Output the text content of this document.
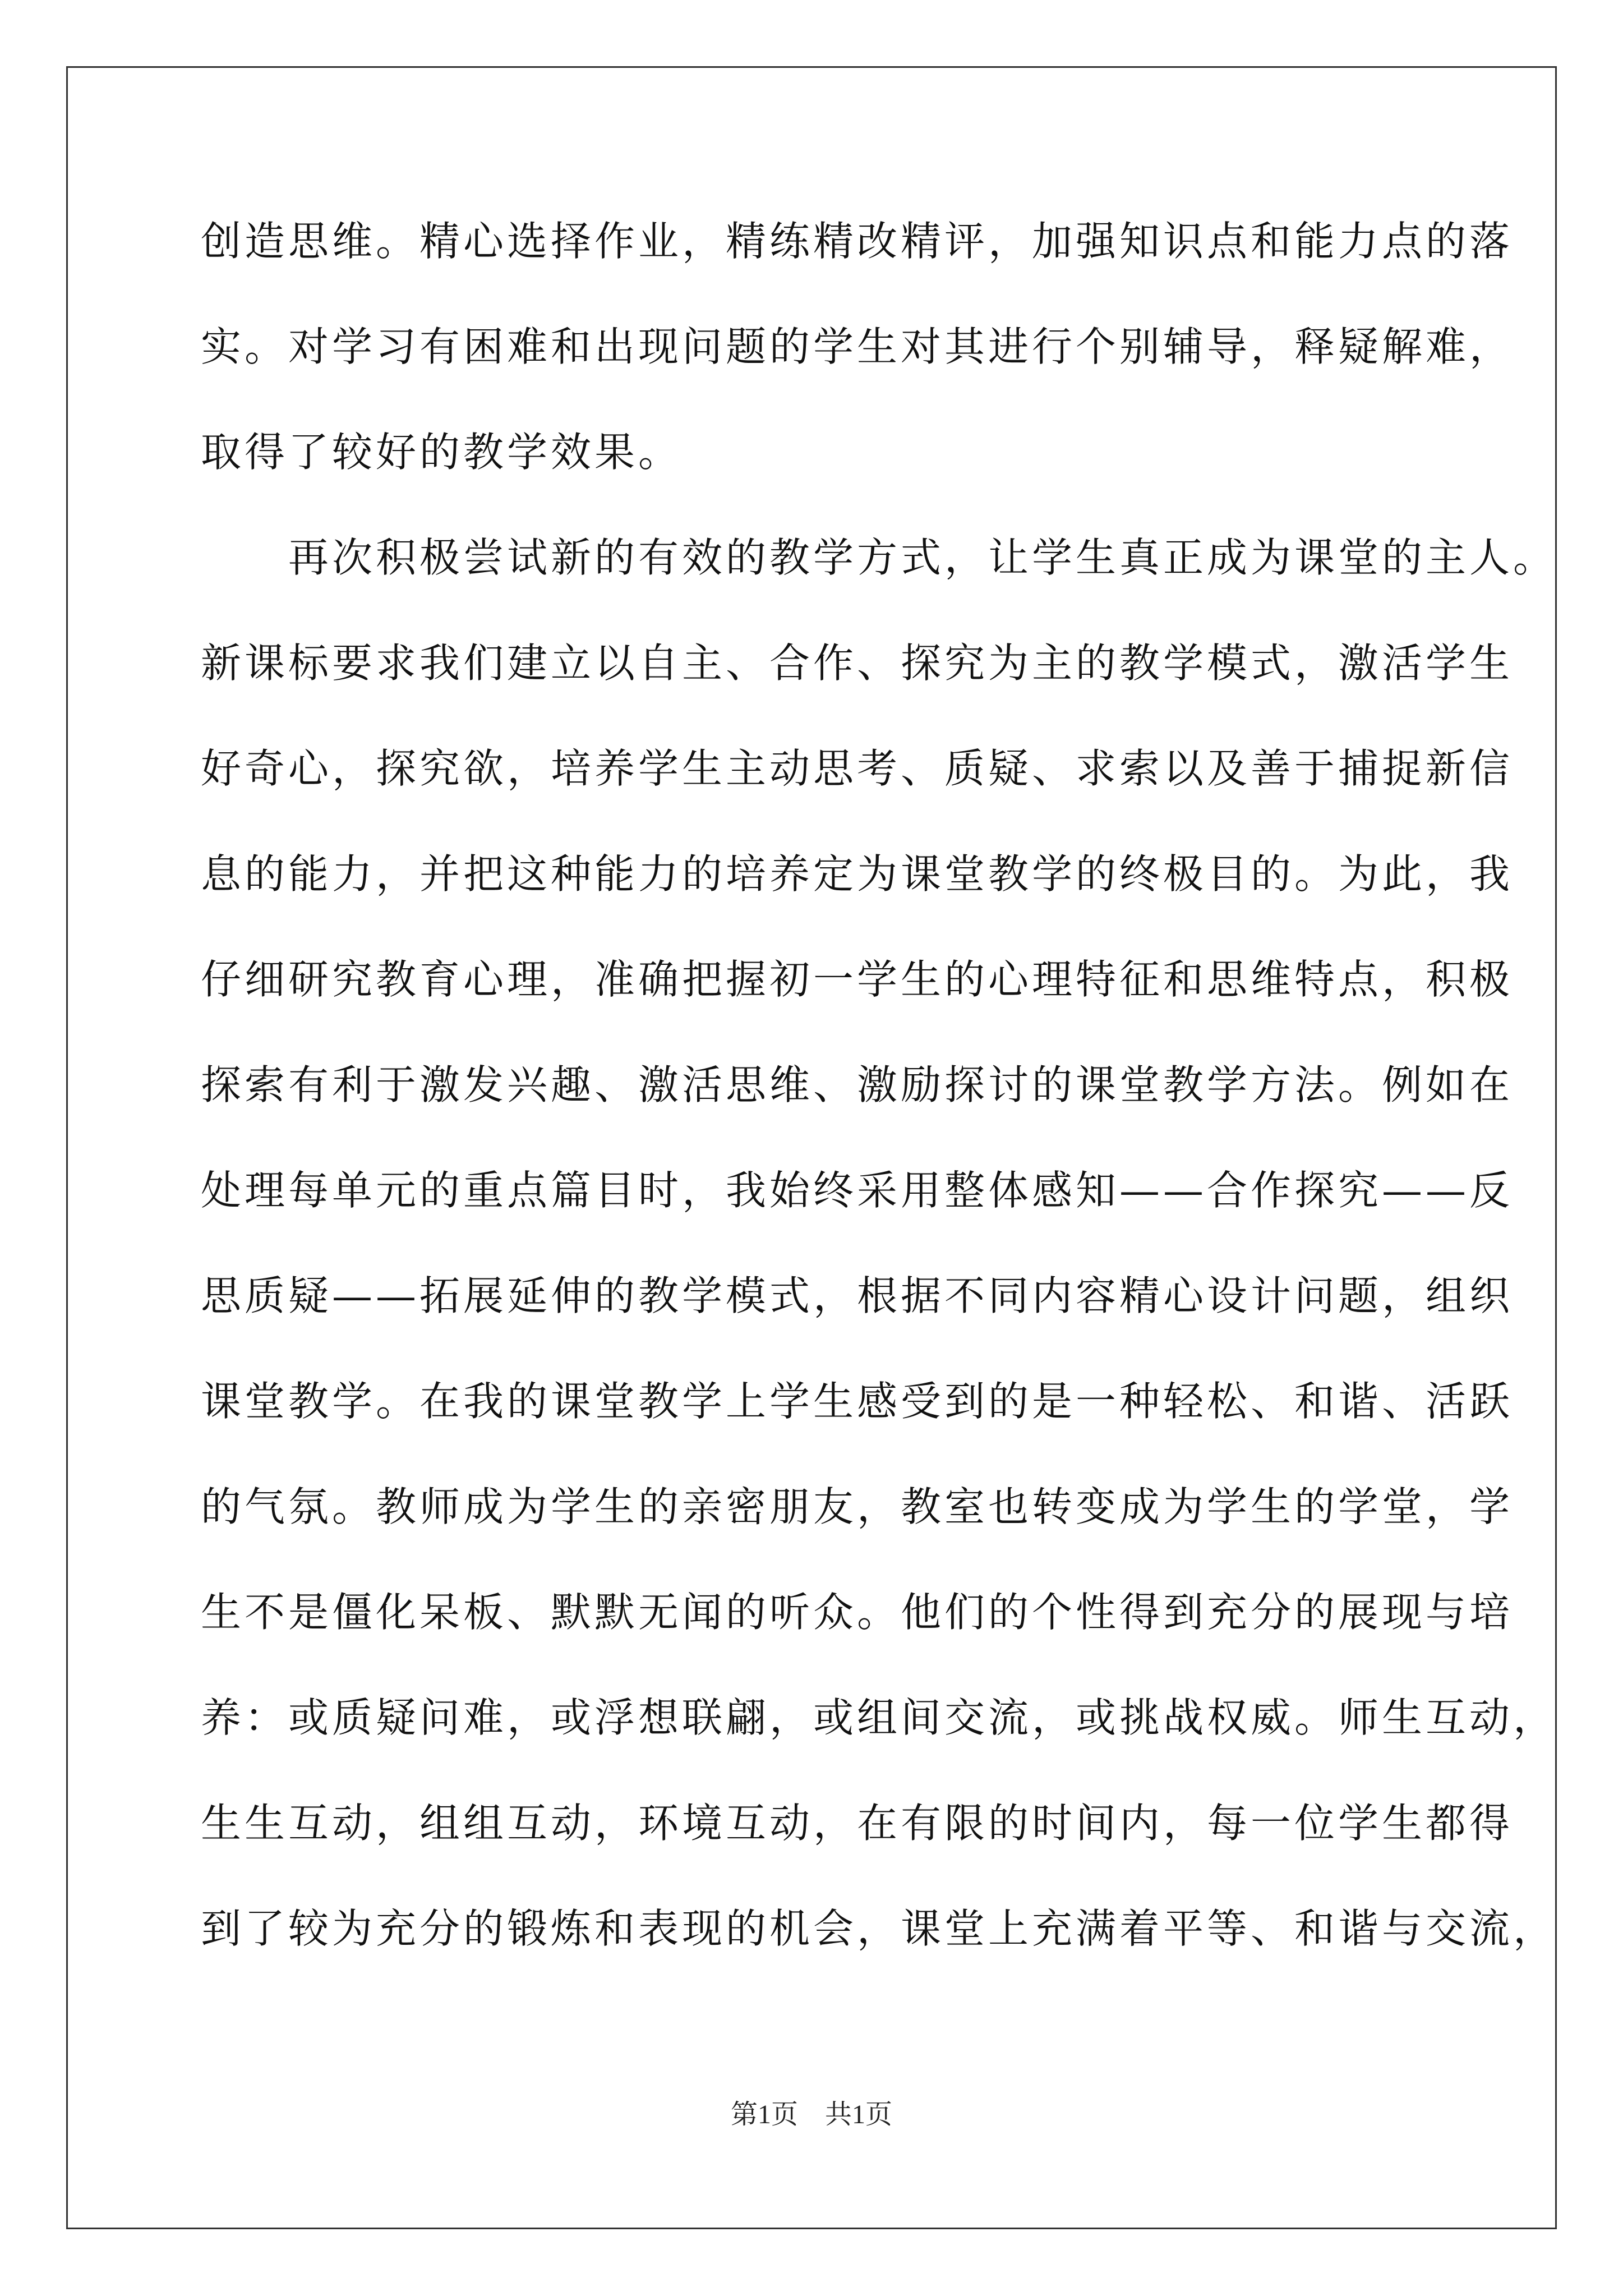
创造思维。精心选择作业，精练精改精评，加强知识点和能力点的落
实。对学习有困难和出现问题的学生对其进行个别辅导，释疑解难，
取得了较好的教学效果。
　　再次积极尝试新的有效的教学方式，让学生真正成为课堂的主人。
新课标要求我们建立以自主、合作、探究为主的教学模式，激活学生
好奇心，探究欲，培养学生主动思考、质疑、求索以及善于捕捉新信
息的能力，并把这种能力的培养定为课堂教学的终极目的。为此，我
仔细研究教育心理，准确把握初一学生的心理特征和思维特点，积极
探索有利于激发兴趣、激活思维、激励探讨的课堂教学方法。例如在
处理每单元的重点篇目时，我始终采用整体感知——合作探究——反
思质疑——拓展延伸的教学模式，根据不同内容精心设计问题，组织
课堂教学。在我的课堂教学上学生感受到的是一种轻松、和谐、活跃
的气氛。教师成为学生的亲密朋友，教室也转变成为学生的学堂，学
生不是僵化呆板、默默无闻的听众。他们的个性得到充分的展现与培
养：或质疑问难，或浮想联翩，或组间交流，或挑战权威。师生互动，
生生互动，组组互动，环境互动，在有限的时间内，每一位学生都得
到了较为充分的锻炼和表现的机会，课堂上充满着平等、和谐与交流，
第1页　共1页
